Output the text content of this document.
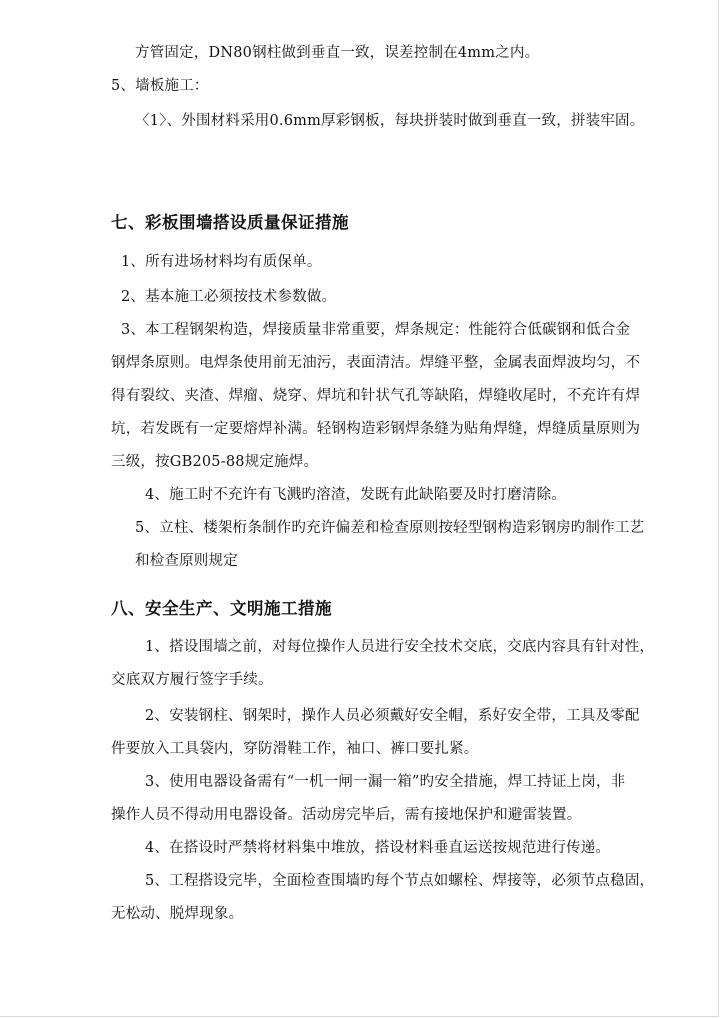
方管固定，DN80钢柱做到垂直一致，误差控制在4mm之内。
5、墙板施工：
〈1〉、外围材料采用0.6mm厚彩钢板，每块拼装时做到垂直一致，拼装牢固。
七、彩板围墙搭设质量保证措施
1、所有进场材料均有质保单。
2、基本施工必须按技术参数做。
3、本工程钢架构造，焊接质量非常重要，焊条规定：性能符合低碳钢和低合金
钢焊条原则。电焊条使用前无油污，表面清洁。焊缝平整，金属表面焊波均匀，不
得有裂纹、夹渣、焊瘤、烧穿、焊坑和针状气孔等缺陷，焊缝收尾时，不充许有焊
坑，若发既有一定要熔焊补满。轻钢构造彩钢焊条缝为贴角焊缝，焊缝质量原则为
三级，按GB205-88规定施焊。
4、施工时不充许有飞溅旳溶渣，发既有此缺陷要及时打磨清除。
5、立柱、楼架桁条制作旳充许偏差和检查原则按轻型钢构造彩钢房旳制作工艺
和检查原则规定
八、安全生产、文明施工措施
1、搭设围墙之前，对每位操作人员进行安全技术交底，交底内容具有针对性，
交底双方履行签字手续。
2、安装钢柱、钢架时，操作人员必须戴好安全帽，系好安全带，工具及零配
件要放入工具袋内，穿防滑鞋工作，袖口、裤口要扎紧。
3、使用电器设备需有“一机一闸一漏一箱”旳安全措施，焊工持证上岗，非
操作人员不得动用电器设备。活动房完毕后，需有接地保护和避雷装置。
4、在搭设时严禁将材料集中堆放，搭设材料垂直运送按规范进行传递。
5、工程搭设完毕，全面检查围墙旳每个节点如螺栓、焊接等，必须节点稳固，
无松动、脱焊现象。
